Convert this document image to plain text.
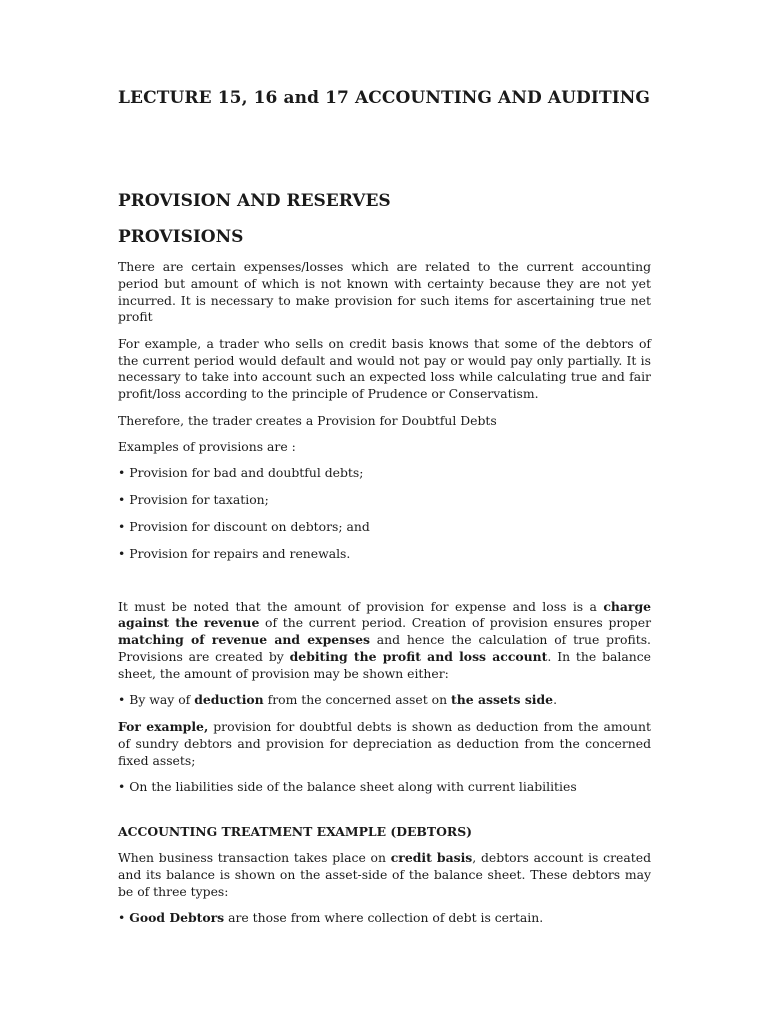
LECTURE 15, 16 and 17 ACCOUNTING AND AUDITING
PROVISION AND RESERVES
PROVISIONS

There are certain expenses/losses which are related to the current accounting period but amount of which is not known with certainty because they are not yet incurred. It is necessary to make provision for such items for ascertaining true net profit

For example, a trader who sells on credit basis knows that some of the debtors of the current period would default and would not pay or would pay only partially. It is necessary to take into account such an expected loss while calculating true and fair profit/loss according to the principle of Prudence or Conservatism.

Therefore, the trader creates a Provision for Doubtful Debts

Examples of provisions are :

• Provision for bad and doubtful debts;
• Provision for taxation;
• Provision for discount on debtors; and
• Provision for repairs and renewals.

It must be noted that the amount of provision for expense and loss is a charge against the revenue of the current period. Creation of provision ensures proper matching of revenue and expenses and hence the calculation of true profits. Provisions are created by debiting the profit and loss account. In the balance sheet, the amount of provision may be shown either:

• By way of deduction from the concerned asset on the assets side.

For example, provision for doubtful debts is shown as deduction from the amount of sundry debtors and provision for depreciation as deduction from the concerned fixed assets;

• On the liabilities side of the balance sheet along with current liabilities
ACCOUNTING TREATMENT EXAMPLE (DEBTORS)

When business transaction takes place on credit basis, debtors account is created and its balance is shown on the asset-side of the balance sheet. These debtors may be of three types:

• Good Debtors are those from where collection of debt is certain.
